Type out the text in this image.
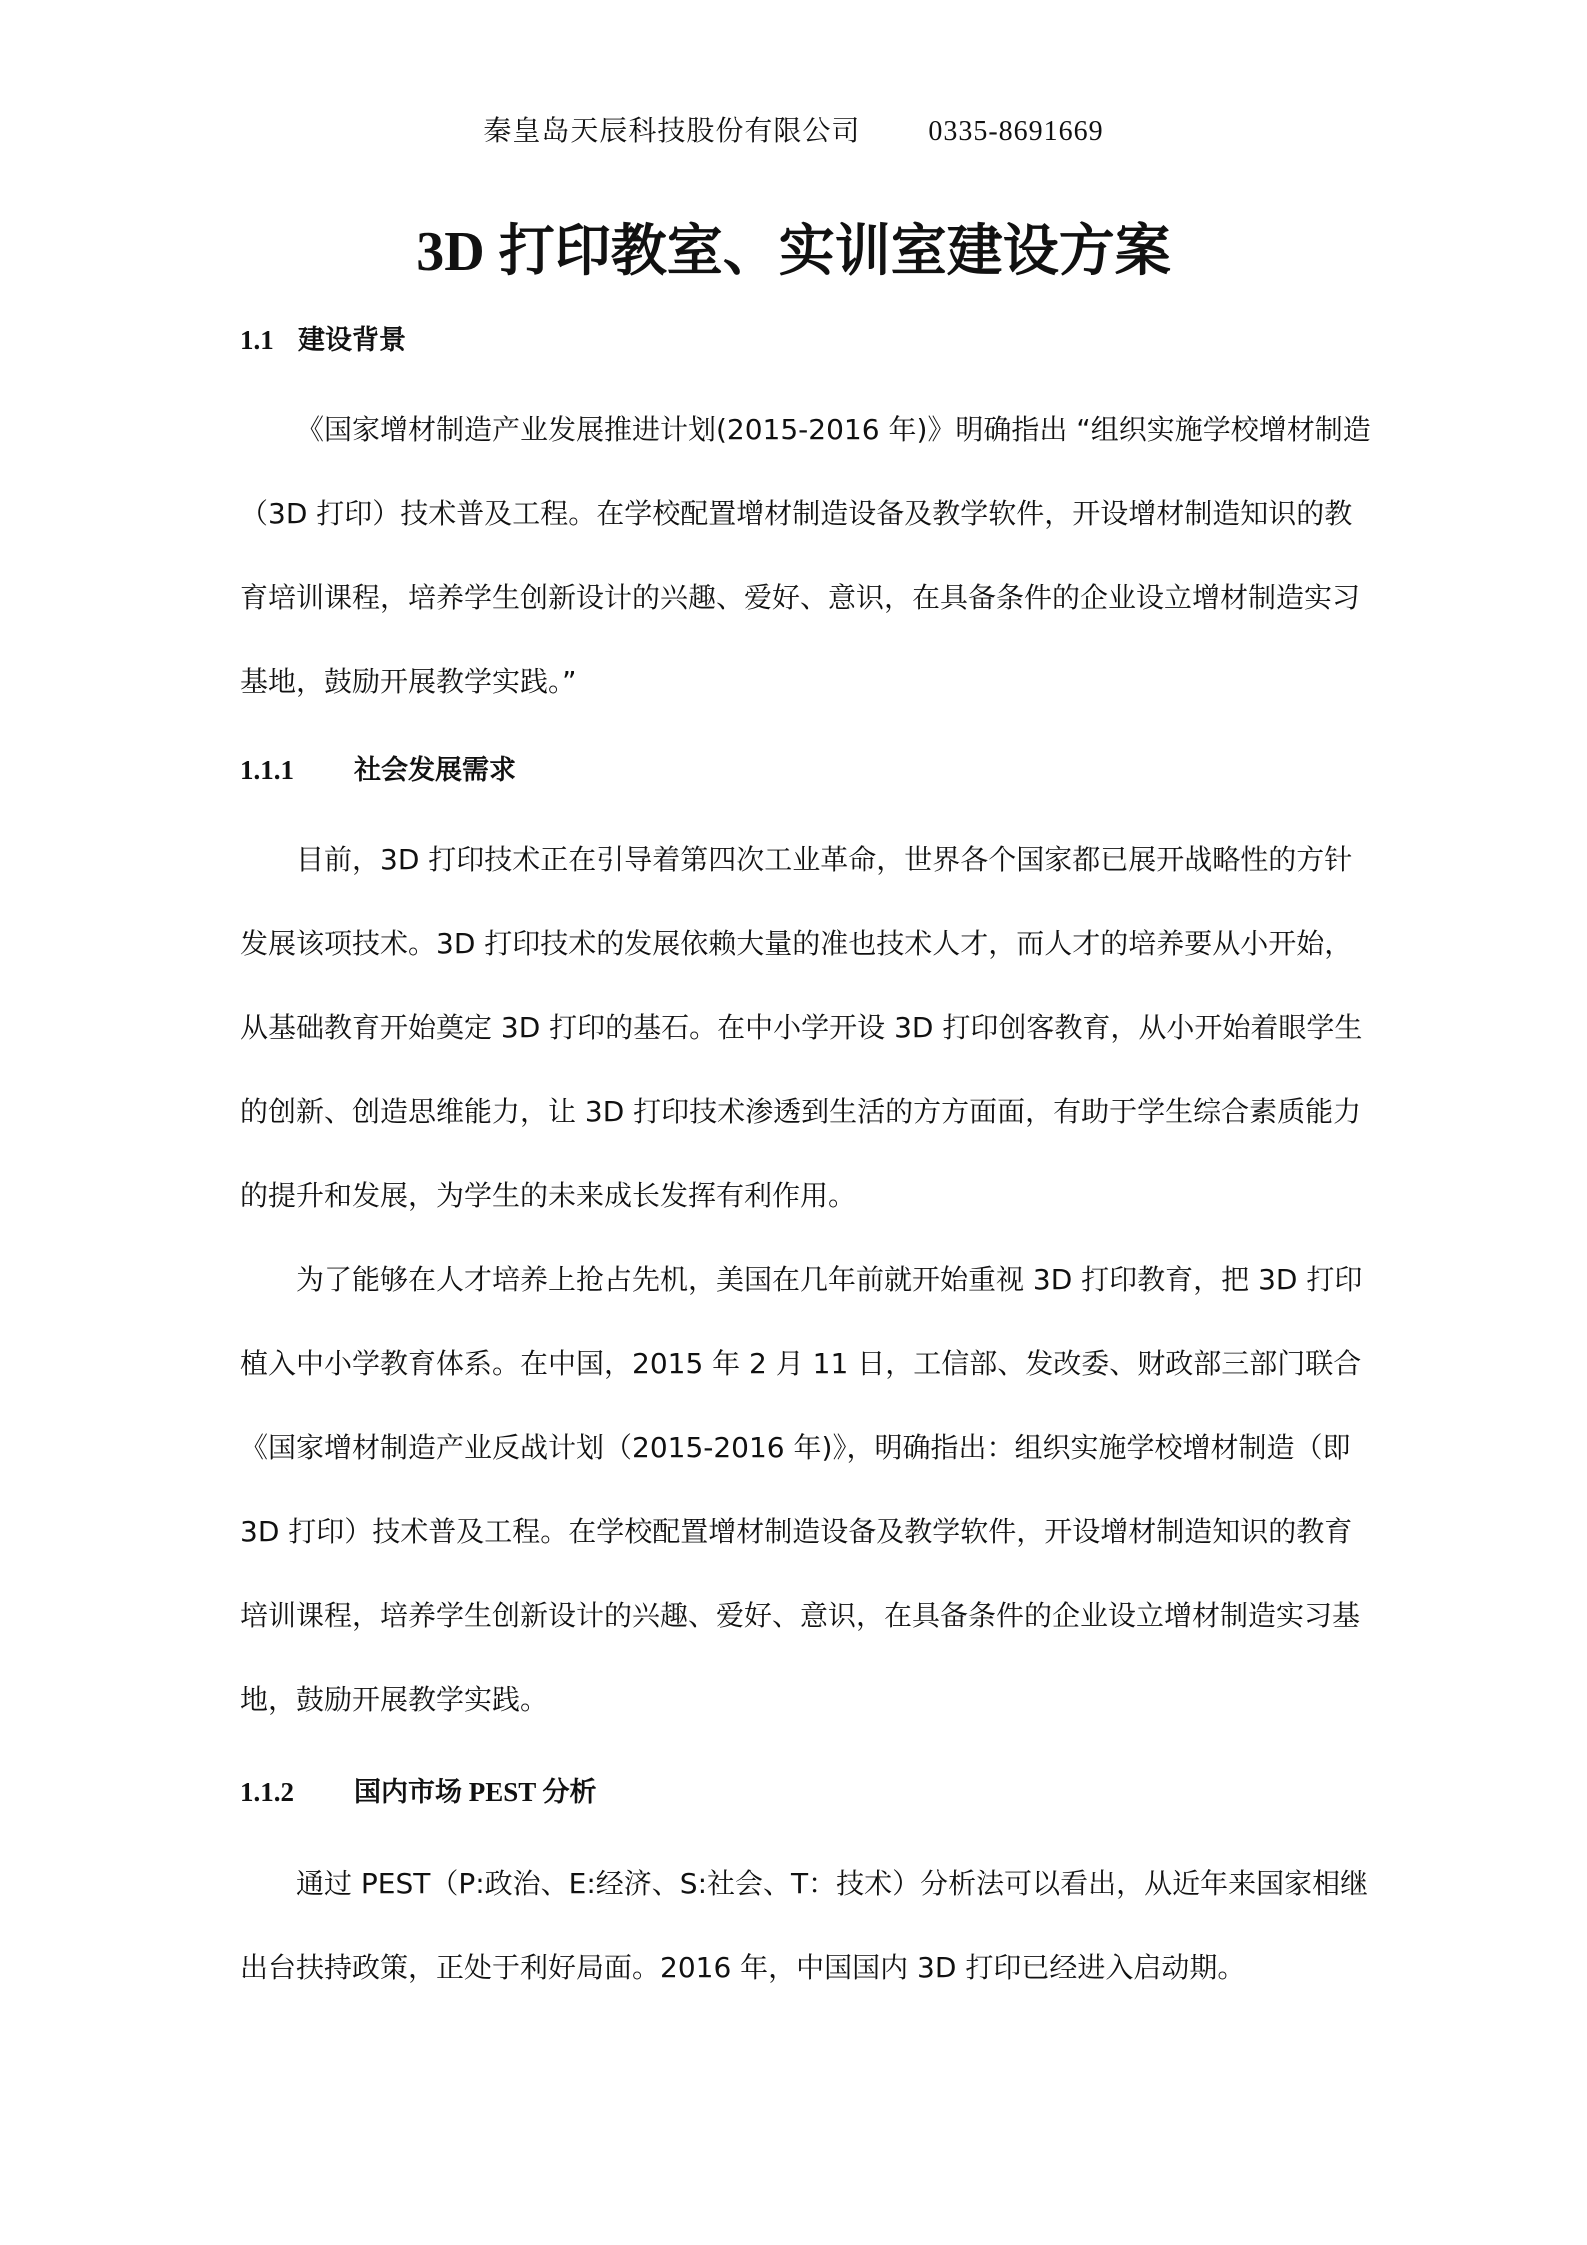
秦皇岛天辰科技股份有限公司 0335-8691669
3D 打印教室、实训室建设方案
1.1 建设背景
《国家增材制造产业发展推进计划(2015-2016 年)》明确指出 “组织实施学校增材制造
（3D 打印）技术普及工程。在学校配置增材制造设备及教学软件，开设增材制造知识的教
育培训课程，培养学生创新设计的兴趣、爱好、意识，在具备条件的企业设立增材制造实习
基地，鼓励开展教学实践。”
1.1.1 社会发展需求
目前，3D 打印技术正在引导着第四次工业革命，世界各个国家都已展开战略性的方针
发展该项技术。3D 打印技术的发展依赖大量的准也技术人才，而人才的培养要从小开始，
从基础教育开始奠定 3D 打印的基石。在中小学开设 3D 打印创客教育，从小开始着眼学生
的创新、创造思维能力，让 3D 打印技术渗透到生活的方方面面，有助于学生综合素质能力
的提升和发展，为学生的未来成长发挥有利作用。
为了能够在人才培养上抢占先机，美国在几年前就开始重视 3D 打印教育，把 3D 打印
植入中小学教育体系。在中国，2015 年 2 月 11 日，工信部、发改委、财政部三部门联合
《国家增材制造产业反战计划（2015-2016 年)》，明确指出：组织实施学校增材制造（即
3D 打印）技术普及工程。在学校配置增材制造设备及教学软件，开设增材制造知识的教育
培训课程，培养学生创新设计的兴趣、爱好、意识，在具备条件的企业设立增材制造实习基
地，鼓励开展教学实践。
1.1.2 国内市场 PEST 分析
通过 PEST（P:政治、E:经济、S:社会、T：技术）分析法可以看出，从近年来国家相继
出台扶持政策，正处于利好局面。2016 年，中国国内 3D 打印已经进入启动期。
